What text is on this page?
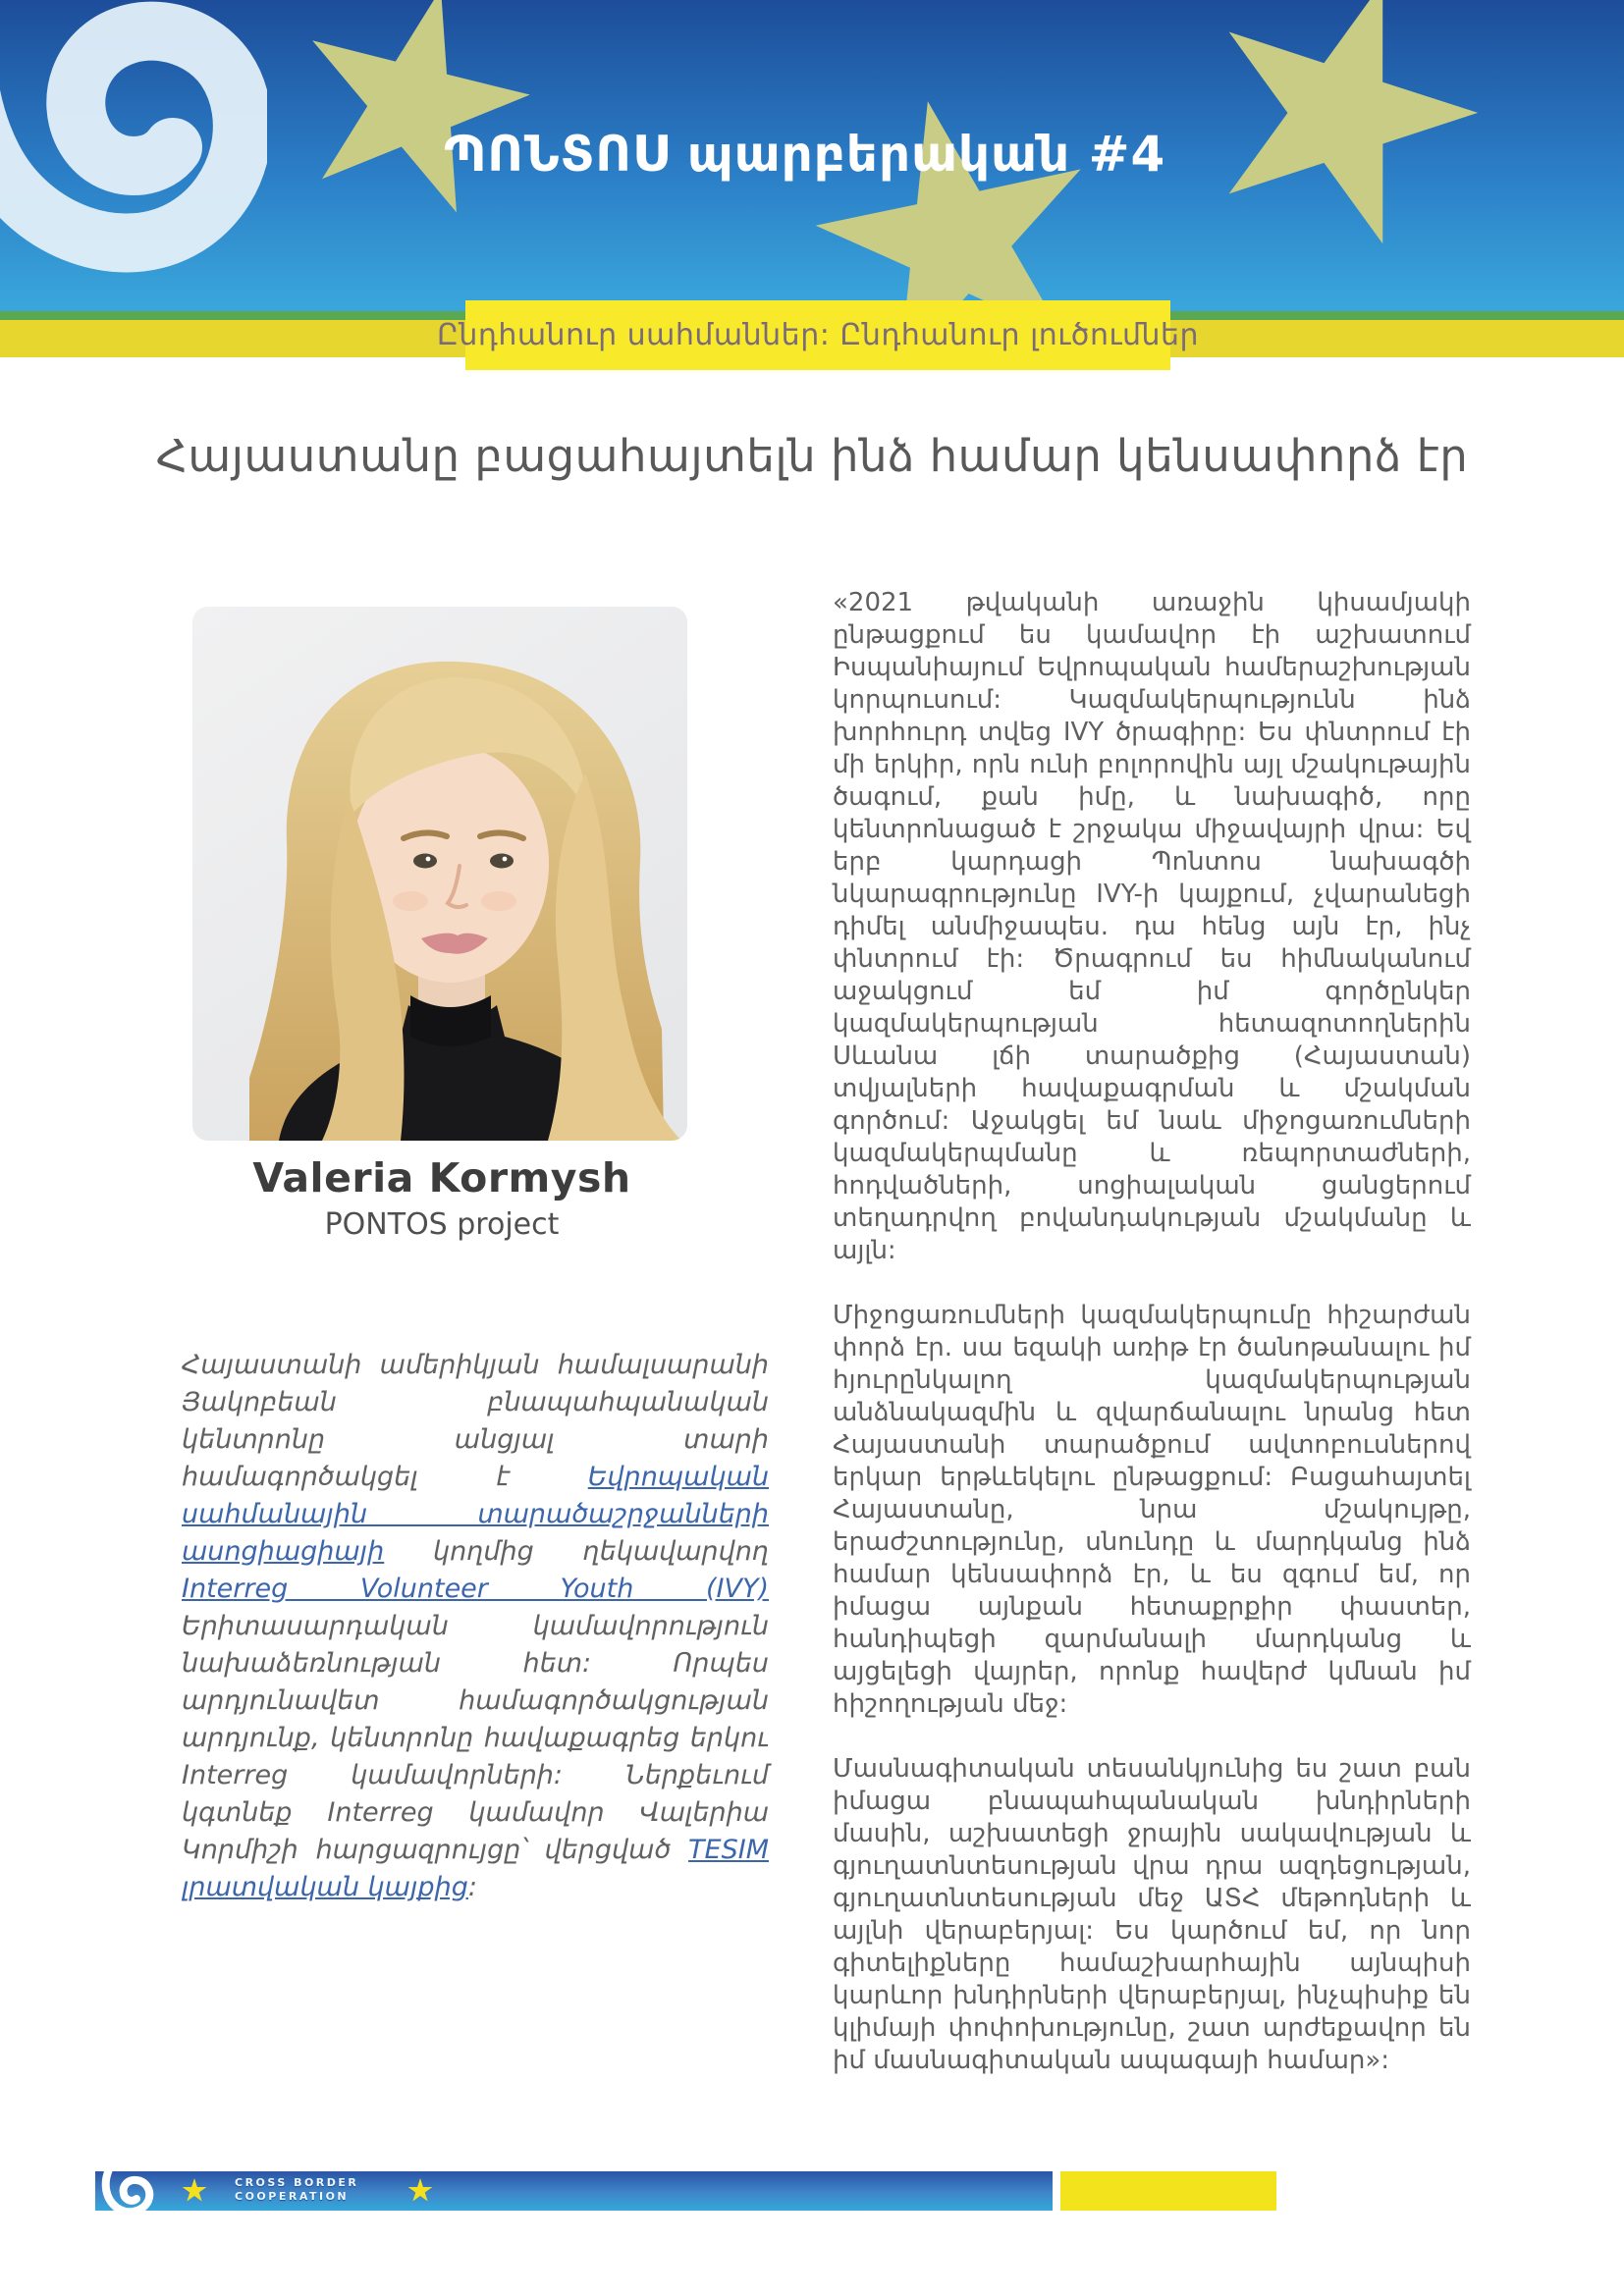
ՊՈՆՏՈՍ պարբերական #4
Ընդհանուր սահմաններ: Ընդհանուր լուծումներ
Հայաստանը բացահայտելն ինձ համար կենսափորձ էր
Valeria Kormysh
PONTOS project
Հայաստանի ամերիկյան համալսարանի Յակոբեան բնապահպանական կենտրոնը անցյալ տարի համագործակցել է Եվրոպական սահմանային տարածաշրջանների ասոցիացիայի կողմից ղեկավարվող Interreg Volunteer Youth (IVY) Երիտասարդական կամավորություն նախաձեռնության հետ: Որպես արդյունավետ համագործակցության արդյունք, կենտրոնը հավաքագրեց երկու Interreg կամավորների: Ներքեւում կգտնեք Interreg կամավոր Վալերիա Կորմիշի հարցազրույցը՝ վերցված TESIM լրատվական կայքից:

«2021 թվականի առաջին կիսամյակի ընթացքում ես կամավոր էի աշխատում Իսպանիայում Եվրոպական համերաշխության կորպուսում: Կազմակերպությունն ինձ խորհուրդ տվեց IVY ծրագիրը: Ես փնտրում էի մի երկիր, որն ունի բոլորովին այլ մշակութային ծագում, քան իմը, և նախագիծ, որը կենտրոնացած է շրջակա միջավայրի վրա: Եվ երբ կարդացի Պոնտոս նախագծի նկարագրությունը IVY-ի կայքում, չվարանեցի դիմել անմիջապես. դա հենց այն էր, ինչ փնտրում էի: Ծրագրում ես հիմնականում աջակցում եմ իմ գործընկեր կազմակերպության հետազոտողներին Սևանա լճի տարածքից (Հայաստան) տվյալների հավաքագրման և մշակման գործում: Աջակցել եմ նաև միջոցառումների կազմակերպմանը և ռեպորտաժների, հոդվածների, սոցիալական ցանցերում տեղադրվող բովանդակության մշակմանը և այլն:

Միջոցառումների կազմակերպումը հիշարժան փորձ էր. սա եզակի առիթ էր ծանոթանալու իմ հյուրընկալող կազմակերպության անձնակազմին և զվարճանալու նրանց հետ Հայաստանի տարածքում ավտոբուսներով երկար երթևեկելու ընթացքում: Բացահայտել Հայաստանը, նրա մշակույթը, երաժշտությունը, սնունդը և մարդկանց ինձ համար կենսափորձ էր, և ես զգում եմ, որ իմացա այնքան հետաքրքիր փաստեր, հանդիպեցի զարմանալի մարդկանց և այցելեցի վայրեր, որոնք հավերժ կմնան իմ հիշողության մեջ:

Մասնագիտական տեսանկյունից ես շատ բան իմացա բնապահպանական խնդիրների մասին, աշխատեցի ջրային սակավության և գյուղատնտեսության վրա դրա ազդեցության, գյուղատնտեսության մեջ ԱՏՀ մեթոդների և այլնի վերաբերյալ: Ես կարծում եմ, որ նոր գիտելիքները համաշխարհային այնպիսի կարևոր խնդիրների վերաբերյալ, ինչպիսիք են կլիմայի փոփոխությունը, շատ արժեքավոր են իմ մասնագիտական ապագայի համար»:

CROSS BORDER
COOPERATION
